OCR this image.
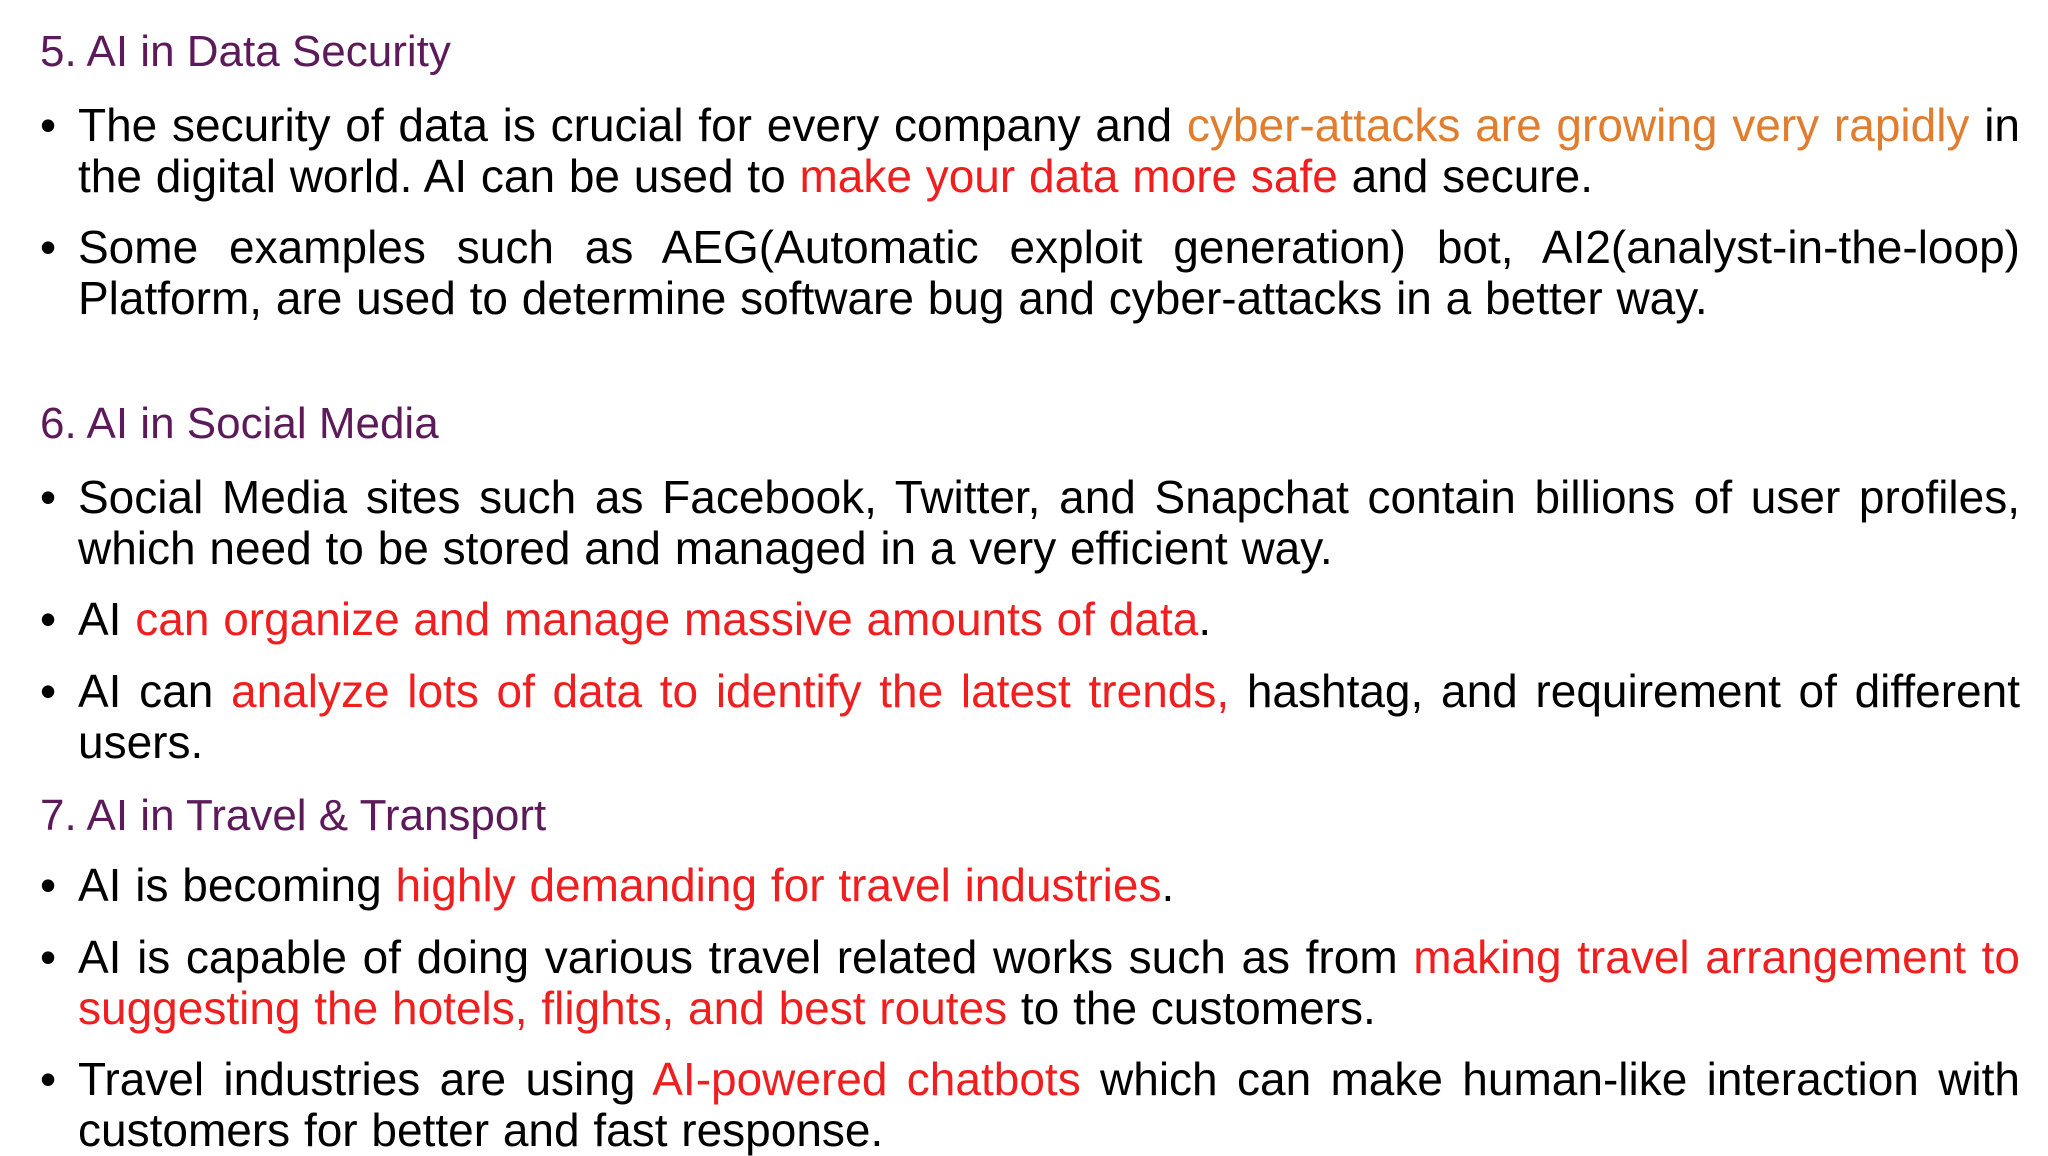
5. AI in Data Security
• The security of data is crucial for every company and cyber-attacks are growing very rapidly in the digital world. AI can be used to make your data more safe and secure.
• Some examples such as AEG(Automatic exploit generation) bot, AI2(analyst-in-the-loop) Platform, are used to determine software bug and cyber-attacks in a better way.
6. AI in Social Media
• Social Media sites such as Facebook, Twitter, and Snapchat contain billions of user profiles, which need to be stored and managed in a very efficient way.
• AI can organize and manage massive amounts of data.
• AI can analyze lots of data to identify the latest trends, hashtag, and requirement of different users.
7. AI in Travel & Transport
• AI is becoming highly demanding for travel industries.
• AI is capable of doing various travel related works such as from making travel arrangement to suggesting the hotels, flights, and best routes to the customers.
• Travel industries are using AI-powered chatbots which can make human-like interaction with customers for better and fast response.
